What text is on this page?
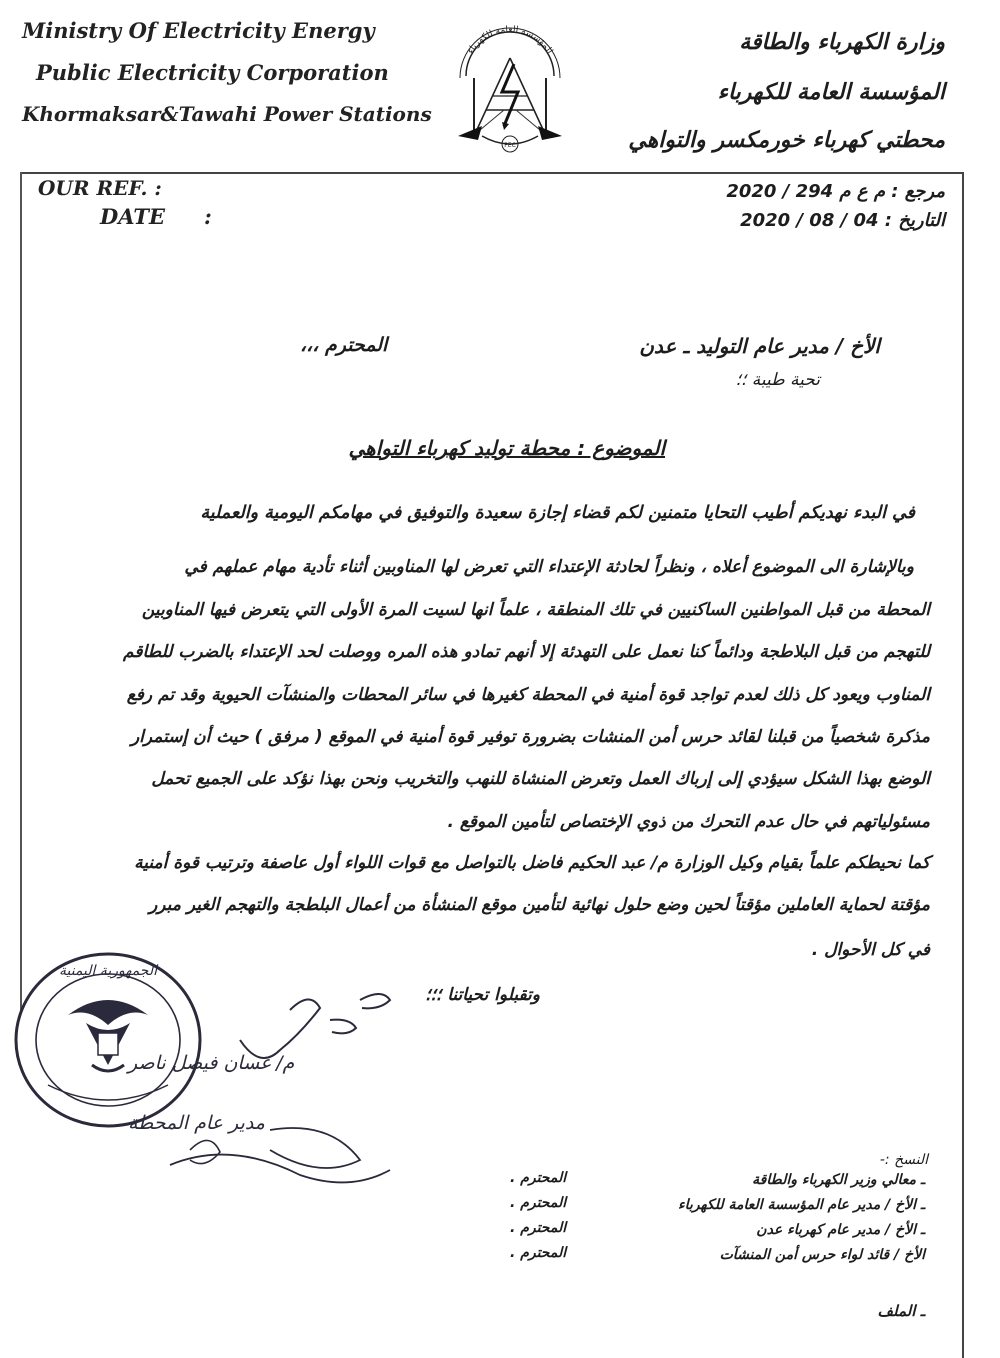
Ministry Of Electricity Energy
Public Electricity Corporation
Khormaksar&Tawahi Power Stations
وزارة الكهرباء والطاقة
المؤسسة العامة للكهرباء
محطتي كهرباء خورمكسر والتواهي
المؤسسة العامة للكهرباء
PEC
OUR REF. :
DATE :
مرجع : م ع م 294 / 2020
التاريخ : 04 / 08 / 2020
الأخ / مدير عام التوليد ـ عدن
المحترم ،،،
تحية طيبة ؛؛
الموضوع : محطة توليد كهرباء التواهي
في البدء نهديكم أطيب التحايا متمنين لكم قضاء إجازة سعيدة والتوفيق في مهامكم اليومية والعملية
وبالإشارة الى الموضوع أعلاه ، ونظراً لحادثة الإعتداء التي تعرض لها المناوبين أثناء تأدية مهام عملهم في
المحطة من قبل المواطنين الساكنيين في تلك المنطقة ، علماً انها لسيت المرة الأولى التي يتعرض فيها المناوبين
للتهجم من قبل البلاطجة ودائماً كنا نعمل على التهدئة إلا أنهم تمادو هذه المره ووصلت لحد الإعتداء بالضرب للطاقم
المناوب ويعود كل ذلك لعدم تواجد قوة أمنية في المحطة كغيرها في سائر المحطات والمنشآت الحيوية وقد تم رفع
مذكرة شخصياً من قبلنا لقائد حرس أمن المنشات بضرورة توفير قوة أمنية في الموقع ( مرفق ) حيث أن إستمرار
الوضع بهذا الشكل سيؤدي إلى إرباك العمل وتعرض المنشاة للنهب والتخريب ونحن بهذا نؤكد على الجميع تحمل
مسئولياتهم في حال عدم التحرك من ذوي الإختصاص لتأمين الموقع .
كما نحيطكم علماً بقيام وكيل الوزارة م/ عبد الحكيم فاضل بالتواصل مع قوات اللواء أول عاصفة وترتيب قوة أمنية
مؤقتة لحماية العاملين مؤقتاً لحين وضع حلول نهائية لتأمين موقع المنشأة من أعمال البلطجة والتهجم الغير مبرر
في كل الأحوال .
وتقبلوا تحياتنا ؛؛؛
الجمهورية اليمنية
م/ غسان فيصل ناصر
مدير عام المحطة
النسخ :-
ـ معالي وزير الكهرباء والطاقة
ـ الأخ / مدير عام المؤسسة العامة للكهرباء
ـ الأخ / مدير عام كهرباء عدن
الأخ / قائد لواء حرس أمن المنشآت
المحترم .
المحترم .
المحترم .
المحترم .
ـ الملف
